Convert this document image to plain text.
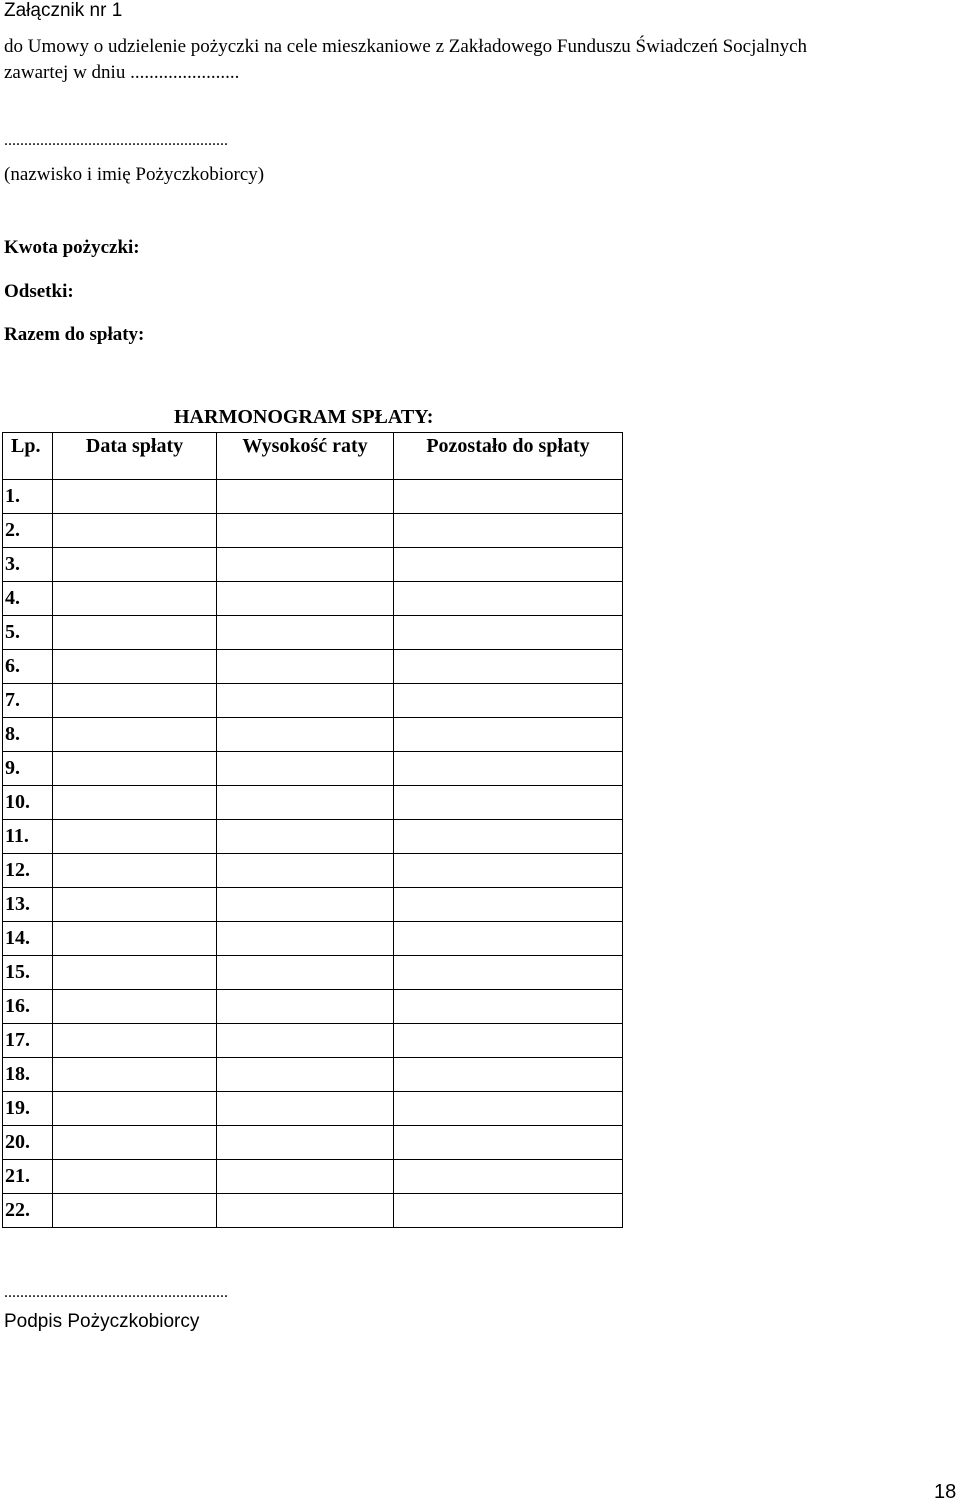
Załącznik nr 1
do Umowy o udzielenie pożyczki na cele mieszkaniowe z Zakładowego Funduszu Świadczeń Socjalnych
zawartej w dniu .......................
........................................................
(nazwisko i imię Pożyczkobiorcy)
Kwota pożyczki:
Odsetki:
Razem do spłaty:
HARMONOGRAM SPŁATY:
Lp.	Data spłaty	Wysokość raty	Pozostało do spłaty
1.			
2.			
3.			
4.			
5.			
6.			
7.			
8.			
9.			
10.			
11.			
12.			
13.			
14.			
15.			
16.			
17.			
18.			
19.			
20.			
21.			
22.			
........................................................
Podpis Pożyczkobiorcy
18
